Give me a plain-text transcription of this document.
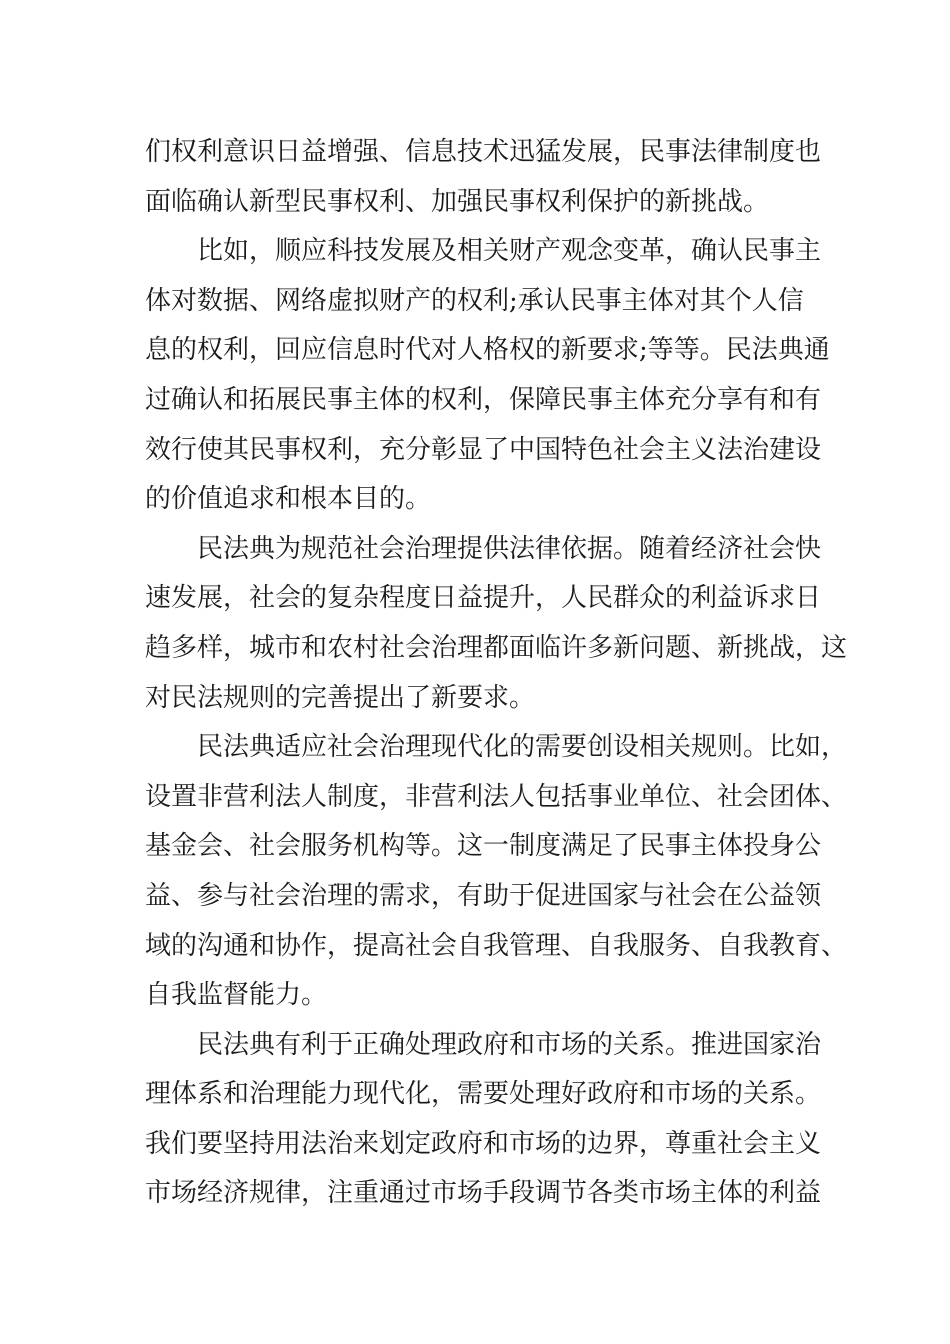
们权利意识日益增强、信息技术迅猛发展，民事法律制度也
面临确认新型民事权利、加强民事权利保护的新挑战。
比如，顺应科技发展及相关财产观念变革，确认民事主
体对数据、网络虚拟财产的权利;承认民事主体对其个人信
息的权利，回应信息时代对人格权的新要求;等等。民法典通
过确认和拓展民事主体的权利，保障民事主体充分享有和有
效行使其民事权利，充分彰显了中国特色社会主义法治建设
的价值追求和根本目的。
民法典为规范社会治理提供法律依据。随着经济社会快
速发展，社会的复杂程度日益提升，人民群众的利益诉求日
趋多样，城市和农村社会治理都面临许多新问题、新挑战，这
对民法规则的完善提出了新要求。
民法典适应社会治理现代化的需要创设相关规则。比如，
设置非营利法人制度，非营利法人包括事业单位、社会团体、
基金会、社会服务机构等。这一制度满足了民事主体投身公
益、参与社会治理的需求，有助于促进国家与社会在公益领
域的沟通和协作，提高社会自我管理、自我服务、自我教育、
自我监督能力。
民法典有利于正确处理政府和市场的关系。推进国家治
理体系和治理能力现代化，需要处理好政府和市场的关系。
我们要坚持用法治来划定政府和市场的边界，尊重社会主义
市场经济规律，注重通过市场手段调节各类市场主体的利益
